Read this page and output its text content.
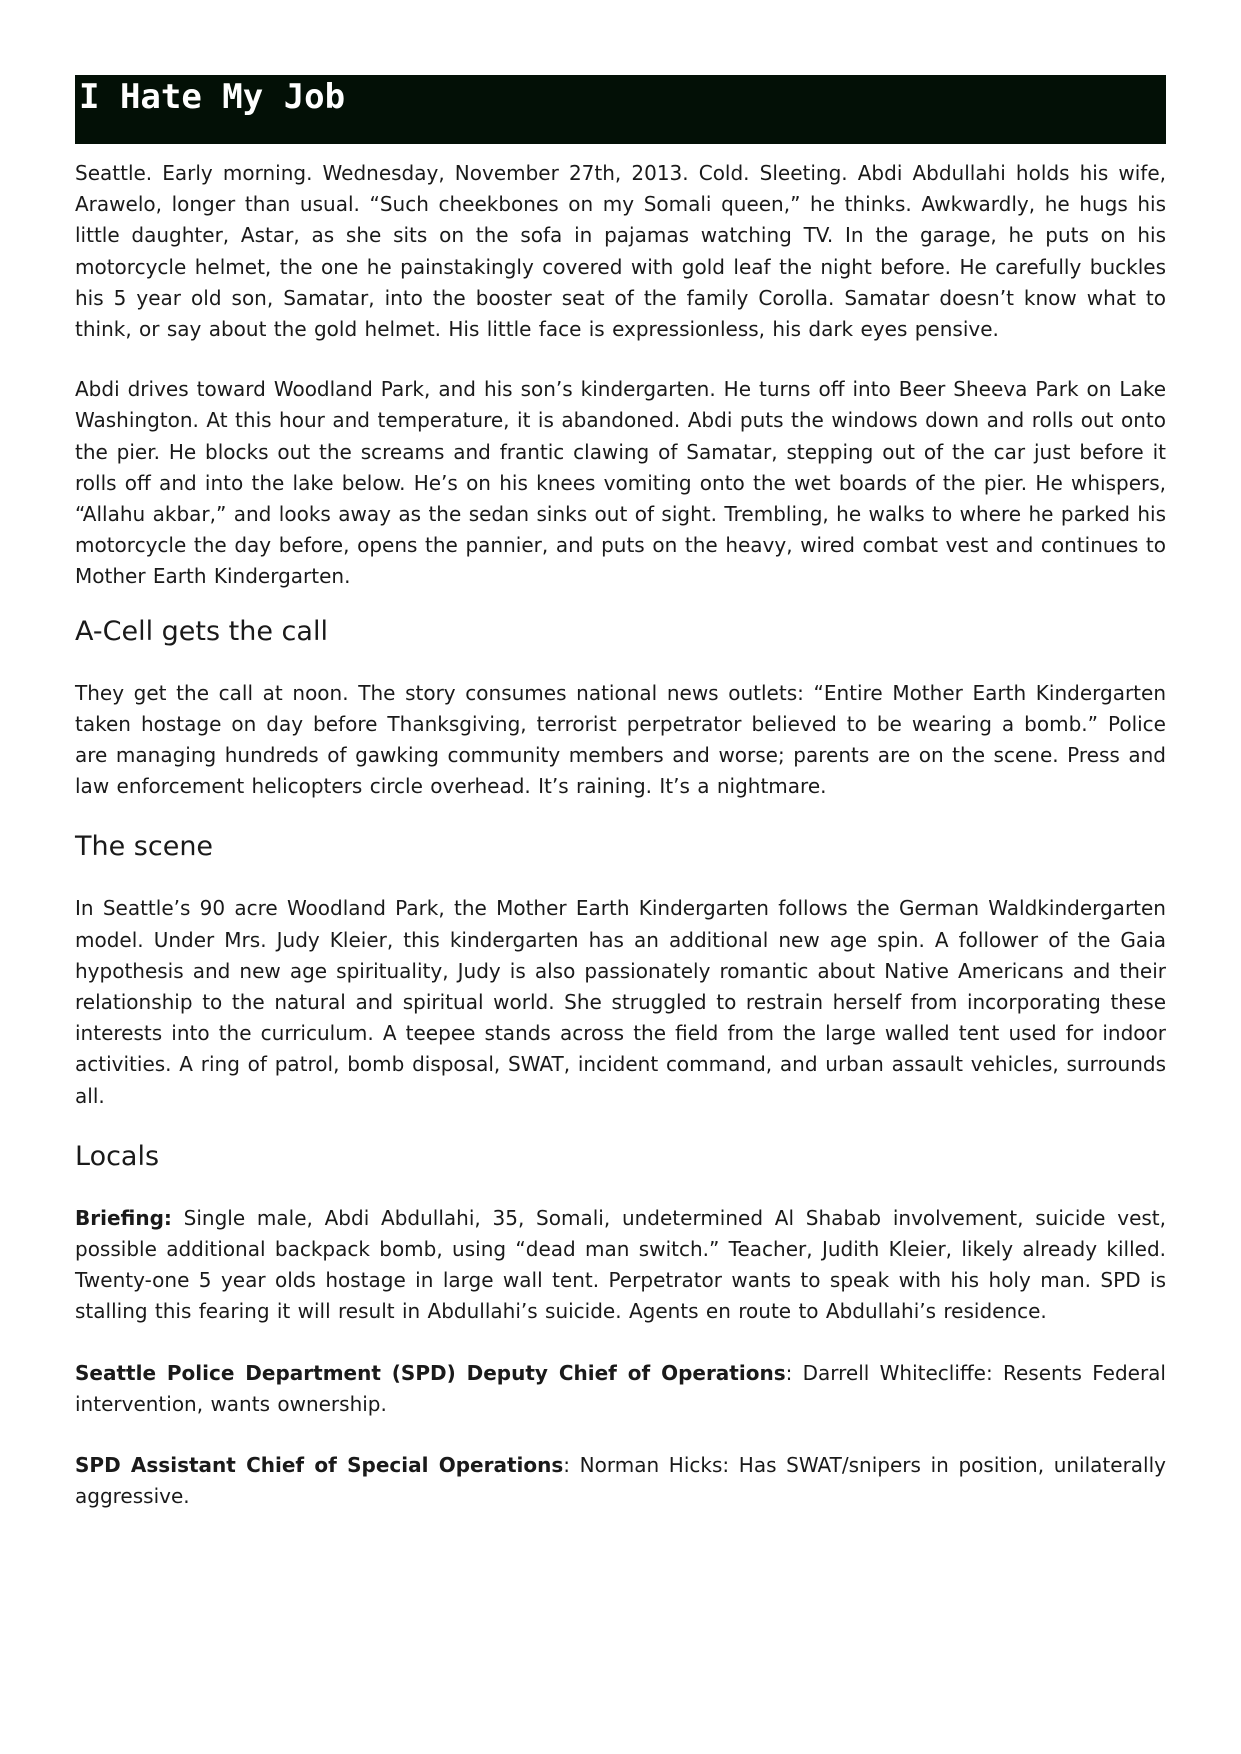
I Hate My Job

Seattle. Early morning. Wednesday, November 27th, 2013. Cold. Sleeting. Abdi Abdullahi holds his wife, Arawelo, longer than usual. “Such cheekbones on my Somali queen,” he thinks. Awkwardly, he hugs his little daughter, Astar, as she sits on the sofa in pajamas watching TV. In the garage, he puts on his motorcycle helmet, the one he painstakingly covered with gold leaf the night before. He carefully buckles his 5 year old son, Samatar, into the booster seat of the family Corolla. Samatar doesn’t know what to think, or say about the gold helmet. His little face is expressionless, his dark eyes pensive.

Abdi drives toward Woodland Park, and his son’s kindergarten. He turns off into Beer Sheeva Park on Lake Washington. At this hour and temperature, it is abandoned. Abdi puts the windows down and rolls out onto the pier. He blocks out the screams and frantic clawing of Samatar, stepping out of the car just before it rolls off and into the lake below. He’s on his knees vomiting onto the wet boards of the pier. He whispers, “Allahu akbar,” and looks away as the sedan sinks out of sight. Trembling, he walks to where he parked his motorcycle the day before, opens the pannier, and puts on the heavy, wired combat vest and continues to Mother Earth Kindergarten.

A-Cell gets the call

They get the call at noon. The story consumes national news outlets: “Entire Mother Earth Kindergarten taken hostage on day before Thanksgiving, terrorist perpetrator believed to be wearing a bomb.” Police are managing hundreds of gawking community members and worse; parents are on the scene. Press and law enforcement helicopters circle overhead. It’s raining. It’s a nightmare.

The scene

In Seattle’s 90 acre Woodland Park, the Mother Earth Kindergarten follows the German Waldkindergarten model. Under Mrs. Judy Kleier, this kindergarten has an additional new age spin. A follower of the Gaia hypothesis and new age spirituality, Judy is also passionately romantic about Native Americans and their relationship to the natural and spiritual world. She struggled to restrain herself from incorporating these interests into the curriculum. A teepee stands across the field from the large walled tent used for indoor activities. A ring of patrol, bomb disposal, SWAT, incident command, and urban assault vehicles, surrounds all.

Locals

Briefing: Single male, Abdi Abdullahi, 35, Somali, undetermined Al Shabab involvement, suicide vest, possible additional backpack bomb, using “dead man switch.” Teacher, Judith Kleier, likely already killed. Twenty-one 5 year olds hostage in large wall tent. Perpetrator wants to speak with his holy man. SPD is stalling this fearing it will result in Abdullahi’s suicide. Agents en route to Abdullahi’s residence.

Seattle Police Department (SPD) Deputy Chief of Operations: Darrell Whitecliffe: Resents Federal intervention, wants ownership.

SPD Assistant Chief of Special Operations: Norman Hicks: Has SWAT/snipers in position, unilaterally aggressive.
